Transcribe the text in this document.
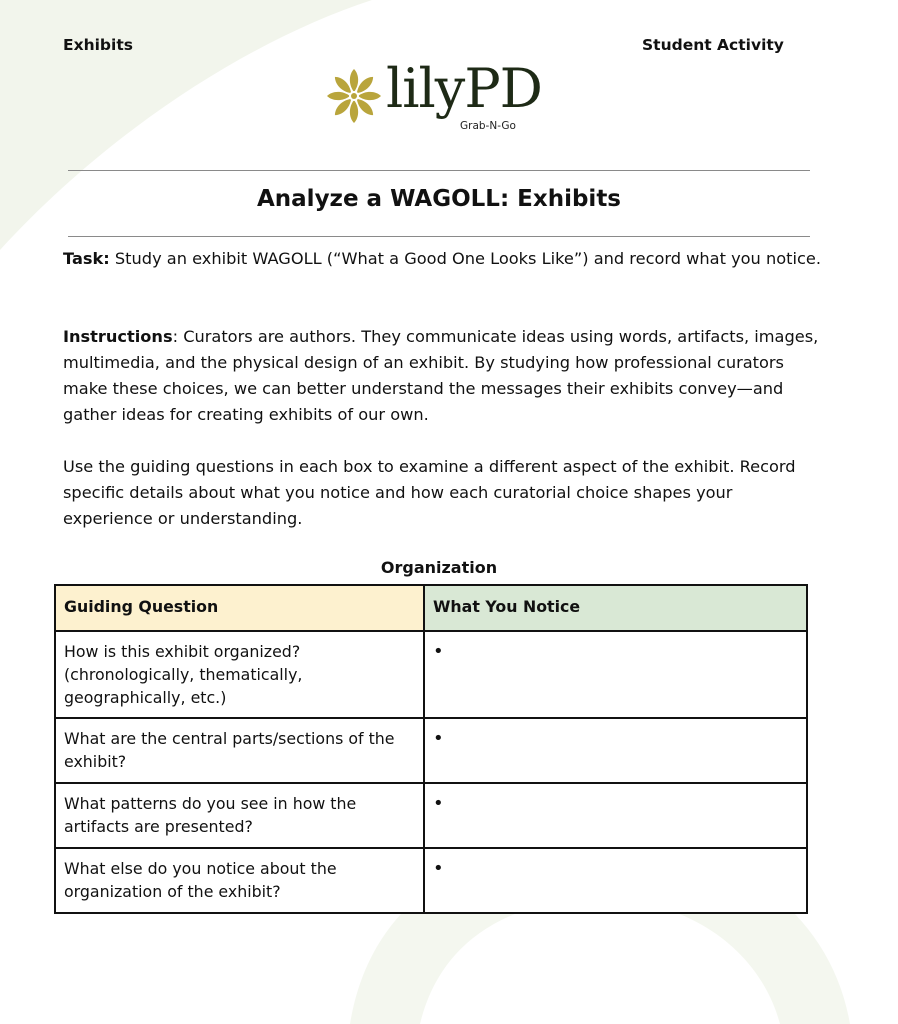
Exhibits	Student Activity
lilyPD
Grab-N-Go
Analyze a WAGOLL: Exhibits
Task: Study an exhibit WAGOLL (“What a Good One Looks Like”) and record what you notice.
Instructions: Curators are authors. They communicate ideas using words, artifacts, images, multimedia, and the physical design of an exhibit. By studying how professional curators make these choices, we can better understand the messages their exhibits convey—and gather ideas for creating exhibits of our own.
Use the guiding questions in each box to examine a different aspect of the exhibit. Record specific details about what you notice and how each curatorial choice shapes your experience or understanding.
Organization
Guiding Question	What You Notice
How is this exhibit organized? (chronologically, thematically, geographically, etc.)	•
What are the central parts/sections of the exhibit?	•
What patterns do you see in how the artifacts are presented?	•
What else do you notice about the organization of the exhibit?	•
